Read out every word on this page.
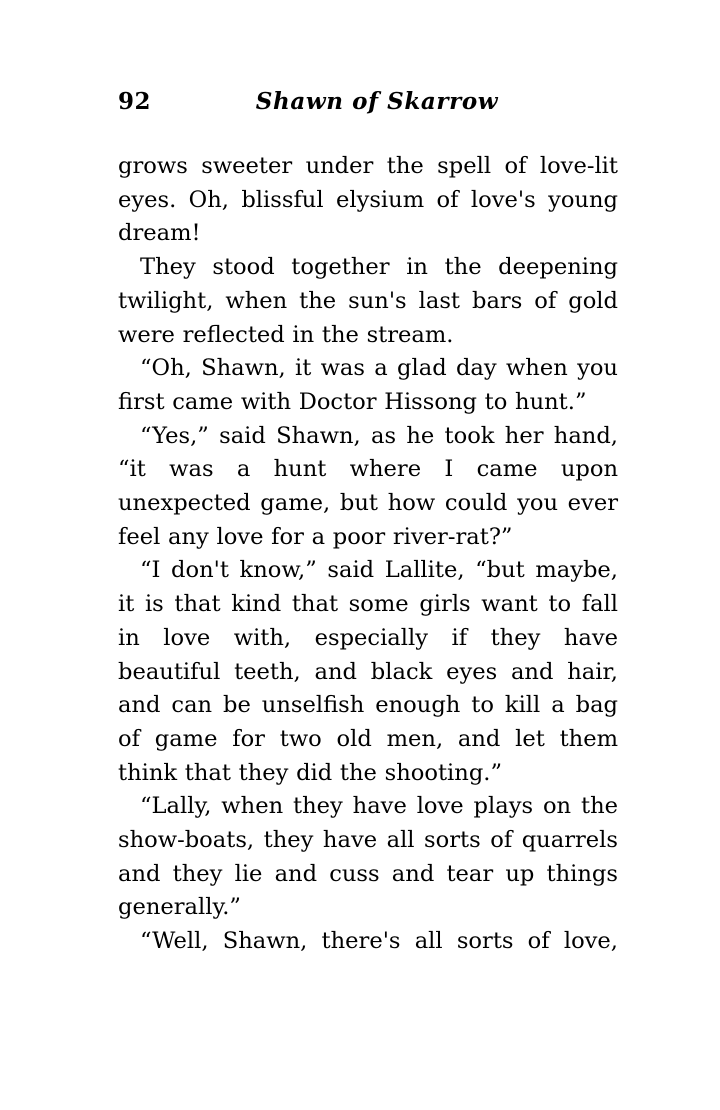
92	Shawn of Skarrow

grows sweeter under the spell of love-lit eyes. Oh, blissful elysium of love's young dream!

They stood together in the deepening twilight, when the sun's last bars of gold were reflected in the stream.

“Oh, Shawn, it was a glad day when you first came with Doctor Hissong to hunt.”

“Yes,” said Shawn, as he took her hand, “it was a hunt where I came upon unexpected game, but how could you ever feel any love for a poor river-rat?”

“I don't know,” said Lallite, “but maybe, it is that kind that some girls want to fall in love with, especially if they have beautiful teeth, and black eyes and hair, and can be unselfish enough to kill a bag of game for two old men, and let them think that they did the shooting.”

“Lally, when they have love plays on the show-boats, they have all sorts of quarrels and they lie and cuss and tear up things generally.”

“Well, Shawn, there's all sorts of love,
